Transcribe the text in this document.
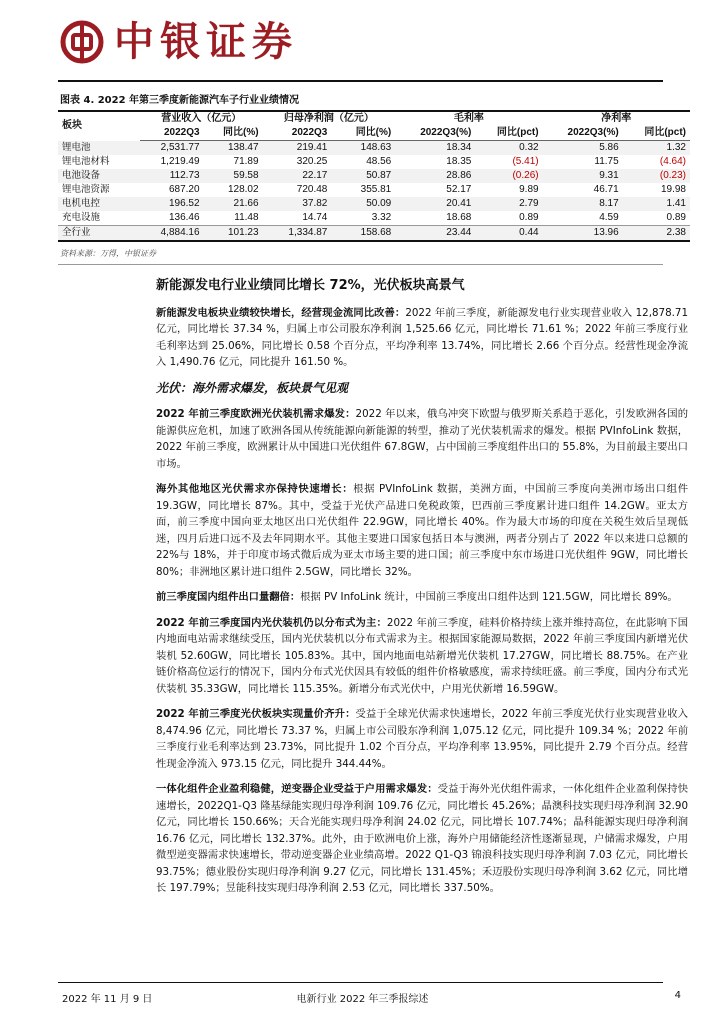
中银证券
图表 4. 2022 年第三季度新能源汽车子行业业绩情况
板块	营业收入（亿元）		归母净利润（亿元）		毛利率		净利率	
	2022Q3	同比(%)	2022Q3	同比(%)	2022Q3(%)	同比(pct)	2022Q3(%)	同比(pct)
锂电池	2,531.77	138.47	219.41	148.63	18.34	0.32	5.86	1.32
锂电池材料	1,219.49	71.89	320.25	48.56	18.35	(5.41)	11.75	(4.64)
电池设备	112.73	59.58	22.17	50.87	28.86	(0.26)	9.31	(0.23)
锂电池资源	687.20	128.02	720.48	355.81	52.17	9.89	46.71	19.98
电机电控	196.52	21.66	37.82	50.09	20.41	2.79	8.17	1.41
充电设施	136.46	11.48	14.74	3.32	18.68	0.89	4.59	0.89
全行业	4,884.16	101.23	1,334.87	158.68	23.44	0.44	13.96	2.38
资料来源：万得，中银证券
新能源发电行业业绩同比增长 72%，光伏板块高景气
新能源发电板块业绩较快增长，经营现金流同比改善：2022 年前三季度，新能源发电行业实现营业收入 12,878.71 亿元，同比增长 37.34 %，归属上市公司股东净利润 1,525.66 亿元，同比增长 71.61 %；2022 年前三季度行业毛利率达到 25.06%，同比增长 0.58 个百分点，平均净利率 13.74%，同比增长 2.66 个百分点。经营性现金净流入 1,490.76 亿元，同比提升 161.50 %。
光伏：海外需求爆发，板块景气见观
2022 年前三季度欧洲光伏装机需求爆发：2022 年以来，俄乌冲突下欧盟与俄罗斯关系趋于恶化，引发欧洲各国的能源供应危机，加速了欧洲各国从传统能源向新能源的转型，推动了光伏装机需求的爆发。根据 PVInfoLink 数据，2022 年前三季度，欧洲累计从中国进口光伏组件 67.8GW，占中国前三季度组件出口的 55.8%，为目前最主要出口市场。
海外其他地区光伏需求亦保持快速增长：根据 PVInfoLink 数据，美洲方面，中国前三季度向美洲市场出口组件 19.3GW，同比增长 87%。其中，受益于光伏产品进口免税政策，巴西前三季度累计进口组件 14.2GW。亚太方面，前三季度中国向亚太地区出口光伏组件 22.9GW，同比增长 40%。作为最大市场的印度在关税生效后呈现低迷，四月后进口远不及去年同期水平。其他主要进口国家包括日本与澳洲，两者分别占了 2022 年以来进口总额的 22%与 18%，并于印度市场式微后成为亚太市场主要的进口国；前三季度中东市场进口光伏组件 9GW，同比增长 80%；非洲地区累计进口组件 2.5GW，同比增长 32%。
前三季度国内组件出口量翻倍：根据 PV InfoLink 统计，中国前三季度出口组件达到 121.5GW，同比增长 89%。
2022 年前三季度国内光伏装机仍以分布式为主：2022 年前三季度，硅料价格持续上涨并维持高位，在此影响下国内地面电站需求继续受压，国内光伏装机以分布式需求为主。根据国家能源局数据，2022 年前三季度国内新增光伏装机 52.60GW，同比增长 105.83%。其中，国内地面电站新增光伏装机 17.27GW，同比增长 88.75%。在产业链价格高位运行的情况下，国内分布式光伏因具有较低的组件价格敏感度，需求持续旺盛。前三季度，国内分布式光伏装机 35.33GW，同比增长 115.35%。新增分布式光伏中，户用光伏新增 16.59GW。
2022 年前三季度光伏板块实现量价齐升：受益于全球光伏需求快速增长，2022 年前三季度光伏行业实现营业收入 8,474.96 亿元，同比增长 73.37 %，归属上市公司股东净利润 1,075.12 亿元，同比提升 109.34 %；2022 年前三季度行业毛利率达到 23.73%，同比提升 1.02 个百分点，平均净利率 13.95%，同比提升 2.79 个百分点。经营性现金净流入 973.15 亿元，同比提升 344.44%。
一体化组件企业盈利稳健，逆变器企业受益于户用需求爆发：受益于海外光伏组件需求，一体化组件企业盈利保持快速增长，2022Q1-Q3 隆基绿能实现归母净利润 109.76 亿元，同比增长 45.26%；晶澳科技实现归母净利润 32.90 亿元，同比增长 150.66%；天合光能实现归母净利润 24.02 亿元，同比增长 107.74%；晶科能源实现归母净利润 16.76 亿元，同比增长 132.37%。此外，由于欧洲电价上涨，海外户用储能经济性逐渐显现，户储需求爆发，户用微型逆变器需求快速增长，带动逆变器企业业绩高增。2022 Q1-Q3 锦浪科技实现归母净利润 7.03 亿元，同比增长 93.75%；德业股份实现归母净利润 9.27 亿元，同比增长 131.45%；禾迈股份实现归母净利润 3.62 亿元，同比增长 197.79%；昱能科技实现归母净利润 2.53 亿元，同比增长 337.50%。
2022 年 11 月 9 日	电新行业 2022 年三季报综述	4
